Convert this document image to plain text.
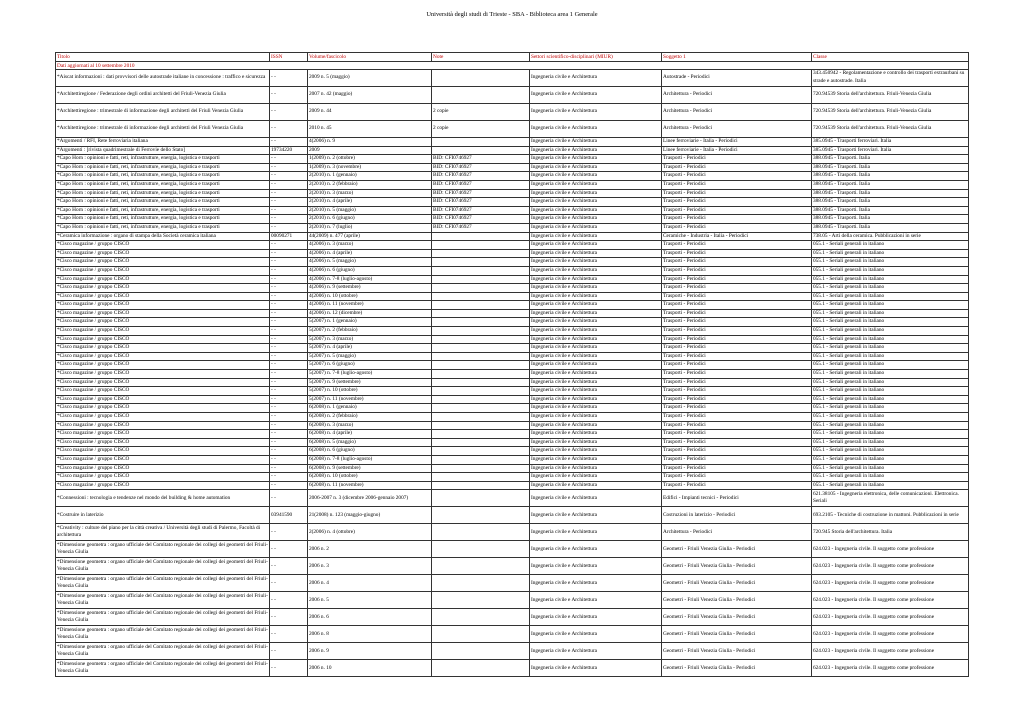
Università degli studi di Trieste - SBA - Biblioteca area 1 Generale
Titolo	ISSN	Volume/fascicolo	Note	Settori scientifico-disciplinari (MIUR)	Soggetto 1	Classe
Dati aggiornati al 10 settembre 2010						
*Aiscat informazioni : dati provvisori delle autostrade italiane in concessione : traffico e sicurezza	- -	2009 n. 5 (maggio)		Ingegneria civile e Architettura	Autostrade - Periodici	343.450942 - Regolamentazione e controllo dei trasporti extraurbani su strade e autostrade. Italia
*Architettiregione / Federazione degli ordini architetti del Friuli-Venezia Giulia	- -	2007 n. 42 (maggio)		Ingegneria civile e Architettura	Architettura - Periodici	720.94539 Storia dell'architettura. Friuli-Venezia Giulia
*Architettiregione : trimestrale di informazione degli architetti del Friuli Venezia Giulia	- -	2009 n. 44	2 copie	Ingegneria civile e Architettura	Architettura - Periodici	720.94539 Storia dell'architettura. Friuli-Venezia Giulia
*Architettiregione : trimestrale di informazione degli architetti del Friuli Venezia Giulia	- -	2010 n. 45	2 copie	Ingegneria civile e Architettura	Architettura - Periodici	720.94539 Storia dell'architettura. Friuli-Venezia Giulia
*Argomenti / RFI, Rete ferroviaria italiana	- -	4(2006) n. 9		Ingegneria civile e Architettura	Linee ferroviarie - Italia - Periodici	385.0945 - Trasporti ferroviari. Italia
*Argomenti : [rivista quadrimestrale di Ferrovie dello Stato]	19734220	2009		Ingegneria civile e Architettura	Linee ferroviarie - Italia - Periodici	385.0945 - Trasporti ferroviari. Italia
*Capo Horn : opinioni e fatti, reti, infrastrutture, energia, logistica e trasporti	- -	1(2009) n. 2 (ottobre)	BID: CFI0746927	Ingegneria civile e Architettura	Trasporti - Periodici	388.0945 - Trasporti. Italia
*Capo Horn : opinioni e fatti, reti, infrastrutture, energia, logistica e trasporti	- -	1(2009) n. 3 (novembre)	BID: CFI0746927	Ingegneria civile e Architettura	Trasporti - Periodici	388.0945 - Trasporti. Italia
*Capo Horn : opinioni e fatti, reti, infrastrutture, energia, logistica e trasporti	- -	2(2010) n. 1 (gennaio)	BID: CFI0746927	Ingegneria civile e Architettura	Trasporti - Periodici	388.0945 - Trasporti. Italia
*Capo Horn : opinioni e fatti, reti, infrastrutture, energia, logistica e trasporti	- -	2(2010) n. 2 (febbraio)	BID: CFI0746927	Ingegneria civile e Architettura	Trasporti - Periodici	388.0945 - Trasporti. Italia
*Capo Horn : opinioni e fatti, reti, infrastrutture, energia, logistica e trasporti	- -	2(2010) n. 3 (marzo)	BID: CFI0746927	Ingegneria civile e Architettura	Trasporti - Periodici	388.0945 - Trasporti. Italia
*Capo Horn : opinioni e fatti, reti, infrastrutture, energia, logistica e trasporti	- -	2(2010) n. 4 (aprile)	BID: CFI0746927	Ingegneria civile e Architettura	Trasporti - Periodici	388.0945 - Trasporti. Italia
*Capo Horn : opinioni e fatti, reti, infrastrutture, energia, logistica e trasporti	- -	2(2010) n. 5 (maggio)	BID: CFI0746927	Ingegneria civile e Architettura	Trasporti - Periodici	388.0945 - Trasporti. Italia
*Capo Horn : opinioni e fatti, reti, infrastrutture, energia, logistica e trasporti	- -	2(2010) n. 6 (giugno)	BID: CFI0746927	Ingegneria civile e Architettura	Trasporti - Periodici	388.0945 - Trasporti. Italia
*Capo Horn : opinioni e fatti, reti, infrastrutture, energia, logistica e trasporti	- -	2(2010) n. 7 (luglio)	BID: CFI0746927	Ingegneria civile e Architettura	Trasporti - Periodici	388.0945 - Trasporti. Italia
*Ceramica informazione : organo di stampa della Società ceramica italiana	00090271	44(2009) n. 477 (aprile)		Ingegneria civile e Architettura	Ceramiche - Industria - Italia - Periodici	738.05 - Arti della ceramica. Pubblicazioni in serie
*Cisco magazine / gruppo CISCO	- -	4(2006) n. 3 (marzo)		Ingegneria civile e Architettura	Trasporti - Periodici	055.1 - Seriali generali in italiano
*Cisco magazine / gruppo CISCO	- -	4(2006) n. 4 (aprile)		Ingegneria civile e Architettura	Trasporti - Periodici	055.1 - Seriali generali in italiano
*Cisco magazine / gruppo CISCO	- -	4(2006) n. 5 (maggio)		Ingegneria civile e Architettura	Trasporti - Periodici	055.1 - Seriali generali in italiano
*Cisco magazine / gruppo CISCO	- -	4(2006) n. 6 (giugno)		Ingegneria civile e Architettura	Trasporti - Periodici	055.1 - Seriali generali in italiano
*Cisco magazine / gruppo CISCO	- -	4(2006) n. 7-8 (luglio-agosto)		Ingegneria civile e Architettura	Trasporti - Periodici	055.1 - Seriali generali in italiano
*Cisco magazine / gruppo CISCO	- -	4(2006) n. 9 (settembre)		Ingegneria civile e Architettura	Trasporti - Periodici	055.1 - Seriali generali in italiano
*Cisco magazine / gruppo CISCO	- -	4(2006) n. 10 (ottobre)		Ingegneria civile e Architettura	Trasporti - Periodici	055.1 - Seriali generali in italiano
*Cisco magazine / gruppo CISCO	- -	4(2006) n. 11 (novembre)		Ingegneria civile e Architettura	Trasporti - Periodici	055.1 - Seriali generali in italiano
*Cisco magazine / gruppo CISCO	- -	4(2006) n. 12 (dicembre)		Ingegneria civile e Architettura	Trasporti - Periodici	055.1 - Seriali generali in italiano
*Cisco magazine / gruppo CISCO	- -	5(2007) n. 1 (gennaio)		Ingegneria civile e Architettura	Trasporti - Periodici	055.1 - Seriali generali in italiano
*Cisco magazine / gruppo CISCO	- -	5(2007) n. 2 (febbraio)		Ingegneria civile e Architettura	Trasporti - Periodici	055.1 - Seriali generali in italiano
*Cisco magazine / gruppo CISCO	- -	5(2007) n. 3 (marzo)		Ingegneria civile e Architettura	Trasporti - Periodici	055.1 - Seriali generali in italiano
*Cisco magazine / gruppo CISCO	- -	5(2007) n. 4 (aprile)		Ingegneria civile e Architettura	Trasporti - Periodici	055.1 - Seriali generali in italiano
*Cisco magazine / gruppo CISCO	- -	5(2007) n. 5 (maggio)		Ingegneria civile e Architettura	Trasporti - Periodici	055.1 - Seriali generali in italiano
*Cisco magazine / gruppo CISCO	- -	5(2007) n. 6 (giugno)		Ingegneria civile e Architettura	Trasporti - Periodici	055.1 - Seriali generali in italiano
*Cisco magazine / gruppo CISCO	- -	5(2007) n. 7-8 (luglio-agosto)		Ingegneria civile e Architettura	Trasporti - Periodici	055.1 - Seriali generali in italiano
*Cisco magazine / gruppo CISCO	- -	5(2007) n. 9 (settembre)		Ingegneria civile e Architettura	Trasporti - Periodici	055.1 - Seriali generali in italiano
*Cisco magazine / gruppo CISCO	- -	5(2007) n. 10 (ottobre)		Ingegneria civile e Architettura	Trasporti - Periodici	055.1 - Seriali generali in italiano
*Cisco magazine / gruppo CISCO	- -	5(2007) n. 11 (novembre)		Ingegneria civile e Architettura	Trasporti - Periodici	055.1 - Seriali generali in italiano
*Cisco magazine / gruppo CISCO	- -	6(2008) n. 1 (gennaio)		Ingegneria civile e Architettura	Trasporti - Periodici	055.1 - Seriali generali in italiano
*Cisco magazine / gruppo CISCO	- -	6(2008) n. 2 (febbraio)		Ingegneria civile e Architettura	Trasporti - Periodici	055.1 - Seriali generali in italiano
*Cisco magazine / gruppo CISCO	- -	6(2008) n. 3 (marzo)		Ingegneria civile e Architettura	Trasporti - Periodici	055.1 - Seriali generali in italiano
*Cisco magazine / gruppo CISCO	- -	6(2008) n. 4 (aprile)		Ingegneria civile e Architettura	Trasporti - Periodici	055.1 - Seriali generali in italiano
*Cisco magazine / gruppo CISCO	- -	6(2008) n. 5 (maggio)		Ingegneria civile e Architettura	Trasporti - Periodici	055.1 - Seriali generali in italiano
*Cisco magazine / gruppo CISCO	- -	6(2008) n. 6 (giugno)		Ingegneria civile e Architettura	Trasporti - Periodici	055.1 - Seriali generali in italiano
*Cisco magazine / gruppo CISCO	- -	6(2008) n. 7-8 (luglio-agosto)		Ingegneria civile e Architettura	Trasporti - Periodici	055.1 - Seriali generali in italiano
*Cisco magazine / gruppo CISCO	- -	6(2008) n. 9 (settembre)		Ingegneria civile e Architettura	Trasporti - Periodici	055.1 - Seriali generali in italiano
*Cisco magazine / gruppo CISCO	- -	6(2008) n. 10 (ottobre)		Ingegneria civile e Architettura	Trasporti - Periodici	055.1 - Seriali generali in italiano
*Cisco magazine / gruppo CISCO	- -	6(2008) n. 11 (novembre)		Ingegneria civile e Architettura	Trasporti - Periodici	055.1 - Seriali generali in italiano
*Connessioni : tecnologia e tendenze nel mondo del building & home automation	- -	2006-2007 n. 3 (dicembre 2006-gennaio 2007)		Ingegneria civile e Architettura	Edifici - Impianti tecnici - Periodici	621.38105 - Ingegneria elettronica, delle comunicazioni. Elettronica. Seriali
*Costruire in laterizio	03941590	21(2008) n. 123 (maggio-giugno)		Ingegneria civile e Architettura	Costruzioni in laterizio - Periodici	693.2105 - Tecniche di costruzione in mattoni. Pubblicazioni in serie
*Creativity : culture del piano per la città creativa / Università degli studi di Palermo, Facoltà di architettura	- -	2(2006) n. 4 (ottobre)		Ingegneria civile e Architettura	Architettura - Periodici	720.945 Storia dell'architettura. Italia
*Dimensione geometra : organo ufficiale del Comitato regionale dei collegi dei geometri del Friuli-Venezia Giulia	- -	2006 n. 2		Ingegneria civile e Architettura	Geometri - Friuli Venezia Giulia - Periodici	624.023 - Ingegneria civile. Il soggetto come professione
*Dimensione geometra : organo ufficiale del Comitato regionale dei collegi dei geometri del Friuli-Venezia Giulia	- -	2006 n. 3		Ingegneria civile e Architettura	Geometri - Friuli Venezia Giulia - Periodici	624.023 - Ingegneria civile. Il soggetto come professione
*Dimensione geometra : organo ufficiale del Comitato regionale dei collegi dei geometri del Friuli-Venezia Giulia	- -	2006 n. 4		Ingegneria civile e Architettura	Geometri - Friuli Venezia Giulia - Periodici	624.023 - Ingegneria civile. Il soggetto come professione
*Dimensione geometra : organo ufficiale del Comitato regionale dei collegi dei geometri del Friuli-Venezia Giulia	- -	2006 n. 5		Ingegneria civile e Architettura	Geometri - Friuli Venezia Giulia - Periodici	624.023 - Ingegneria civile. Il soggetto come professione
*Dimensione geometra : organo ufficiale del Comitato regionale dei collegi dei geometri del Friuli-Venezia Giulia	- -	2006 n. 6		Ingegneria civile e Architettura	Geometri - Friuli Venezia Giulia - Periodici	624.023 - Ingegneria civile. Il soggetto come professione
*Dimensione geometra : organo ufficiale del Comitato regionale dei collegi dei geometri del Friuli-Venezia Giulia	- -	2006 n. 8		Ingegneria civile e Architettura	Geometri - Friuli Venezia Giulia - Periodici	624.023 - Ingegneria civile. Il soggetto come professione
*Dimensione geometra : organo ufficiale del Comitato regionale dei collegi dei geometri del Friuli-Venezia Giulia	- -	2006 n. 9		Ingegneria civile e Architettura	Geometri - Friuli Venezia Giulia - Periodici	624.023 - Ingegneria civile. Il soggetto come professione
*Dimensione geometra : organo ufficiale del Comitato regionale dei collegi dei geometri del Friuli-Venezia Giulia	- -	2006 n. 10		Ingegneria civile e Architettura	Geometri - Friuli Venezia Giulia - Periodici	624.023 - Ingegneria civile. Il soggetto come professione
